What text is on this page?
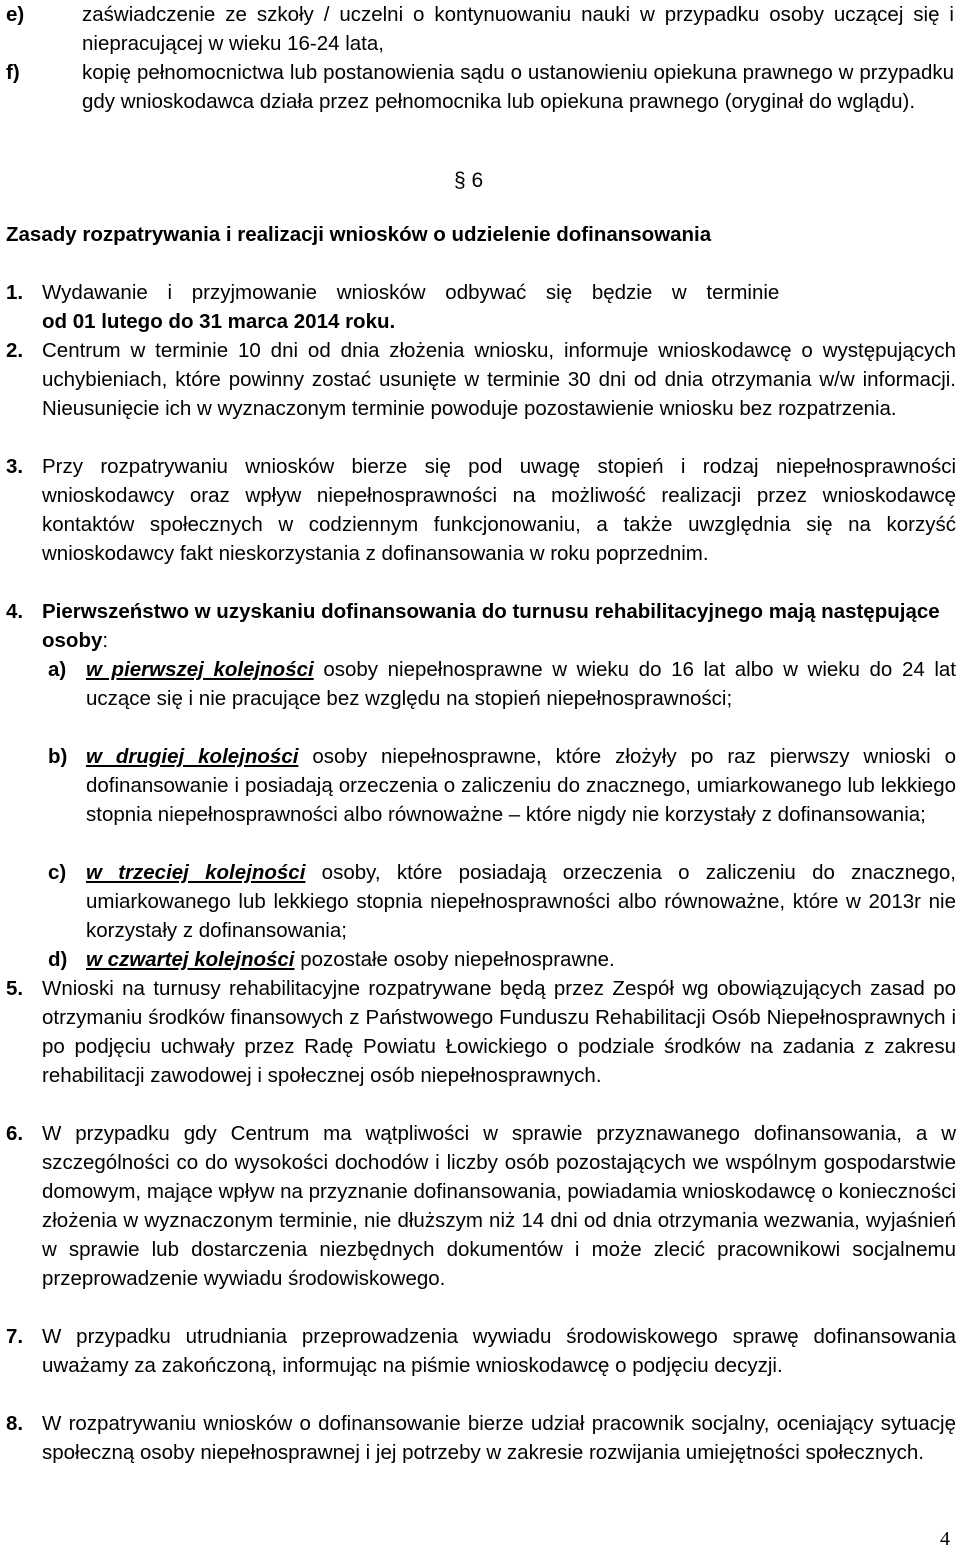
e)	zaświadczenie ze szkoły / uczelni o kontynuowaniu nauki w przypadku osoby uczącej się i niepracującej w wieku 16-24 lata,
f)	kopię pełnomocnictwa lub postanowienia sądu o ustanowieniu opiekuna prawnego w przypadku gdy wnioskodawca działa przez pełnomocnika lub opiekuna prawnego (oryginał do wglądu).
§ 6
Zasady rozpatrywania i realizacji wniosków o udzielenie dofinansowania
1. Wydawanie i przyjmowanie wniosków odbywać się będzie w terminie
od 01 lutego do 31 marca 2014 roku.
2. Centrum w terminie 10 dni od dnia złożenia wniosku, informuje wnioskodawcę o występujących uchybieniach, które powinny zostać usunięte w terminie 30 dni od dnia otrzymania w/w informacji. Nieusunięcie ich w wyznaczonym terminie powoduje pozostawienie wniosku bez rozpatrzenia.
3. Przy rozpatrywaniu wniosków bierze się pod uwagę stopień i rodzaj niepełnosprawności wnioskodawcy oraz wpływ niepełnosprawności na możliwość realizacji przez wnioskodawcę kontaktów społecznych w codziennym funkcjonowaniu, a także uwzględnia się na korzyść wnioskodawcy fakt nieskorzystania z dofinansowania w roku poprzednim.
4. Pierwszeństwo w uzyskaniu dofinansowania do turnusu rehabilitacyjnego mają następujące osoby:
a) w pierwszej kolejności osoby niepełnosprawne w wieku do 16 lat albo w wieku do 24 lat uczące się i nie pracujące bez względu na stopień niepełnosprawności;
b) w drugiej kolejności osoby niepełnosprawne, które złożyły po raz pierwszy wnioski o dofinansowanie i posiadają orzeczenia o zaliczeniu do znacznego, umiarkowanego lub lekkiego stopnia niepełnosprawności albo równoważne – które nigdy nie korzystały z dofinansowania;
c) w trzeciej kolejności osoby, które posiadają orzeczenia o zaliczeniu do znacznego, umiarkowanego lub lekkiego stopnia niepełnosprawności albo równoważne, które w 2013r nie korzystały z dofinansowania;
d) w czwartej kolejności pozostałe osoby niepełnosprawne.
5. Wnioski na turnusy rehabilitacyjne rozpatrywane będą przez Zespół wg obowiązujących zasad po otrzymaniu środków finansowych z Państwowego Funduszu Rehabilitacji Osób Niepełnosprawnych i po podjęciu uchwały przez Radę Powiatu Łowickiego o podziale środków na zadania z zakresu rehabilitacji zawodowej i społecznej osób niepełnosprawnych.
6. W przypadku gdy Centrum ma wątpliwości w sprawie przyznawanego dofinansowania, a w szczególności co do wysokości dochodów i liczby osób pozostających we wspólnym gospodarstwie domowym, mające wpływ na przyznanie dofinansowania, powiadamia wnioskodawcę o konieczności złożenia w wyznaczonym terminie, nie dłuższym niż 14 dni od dnia otrzymania wezwania, wyjaśnień w sprawie lub dostarczenia niezbędnych dokumentów i może zlecić pracownikowi socjalnemu przeprowadzenie wywiadu środowiskowego.
7. W przypadku utrudniania przeprowadzenia wywiadu środowiskowego sprawę dofinansowania uważamy za zakończoną, informując na piśmie wnioskodawcę o podjęciu decyzji.
8. W rozpatrywaniu wniosków o dofinansowanie bierze udział pracownik socjalny, oceniający sytuację społeczną osoby niepełnosprawnej i jej potrzeby w zakresie rozwijania umiejętności społecznych.
4
